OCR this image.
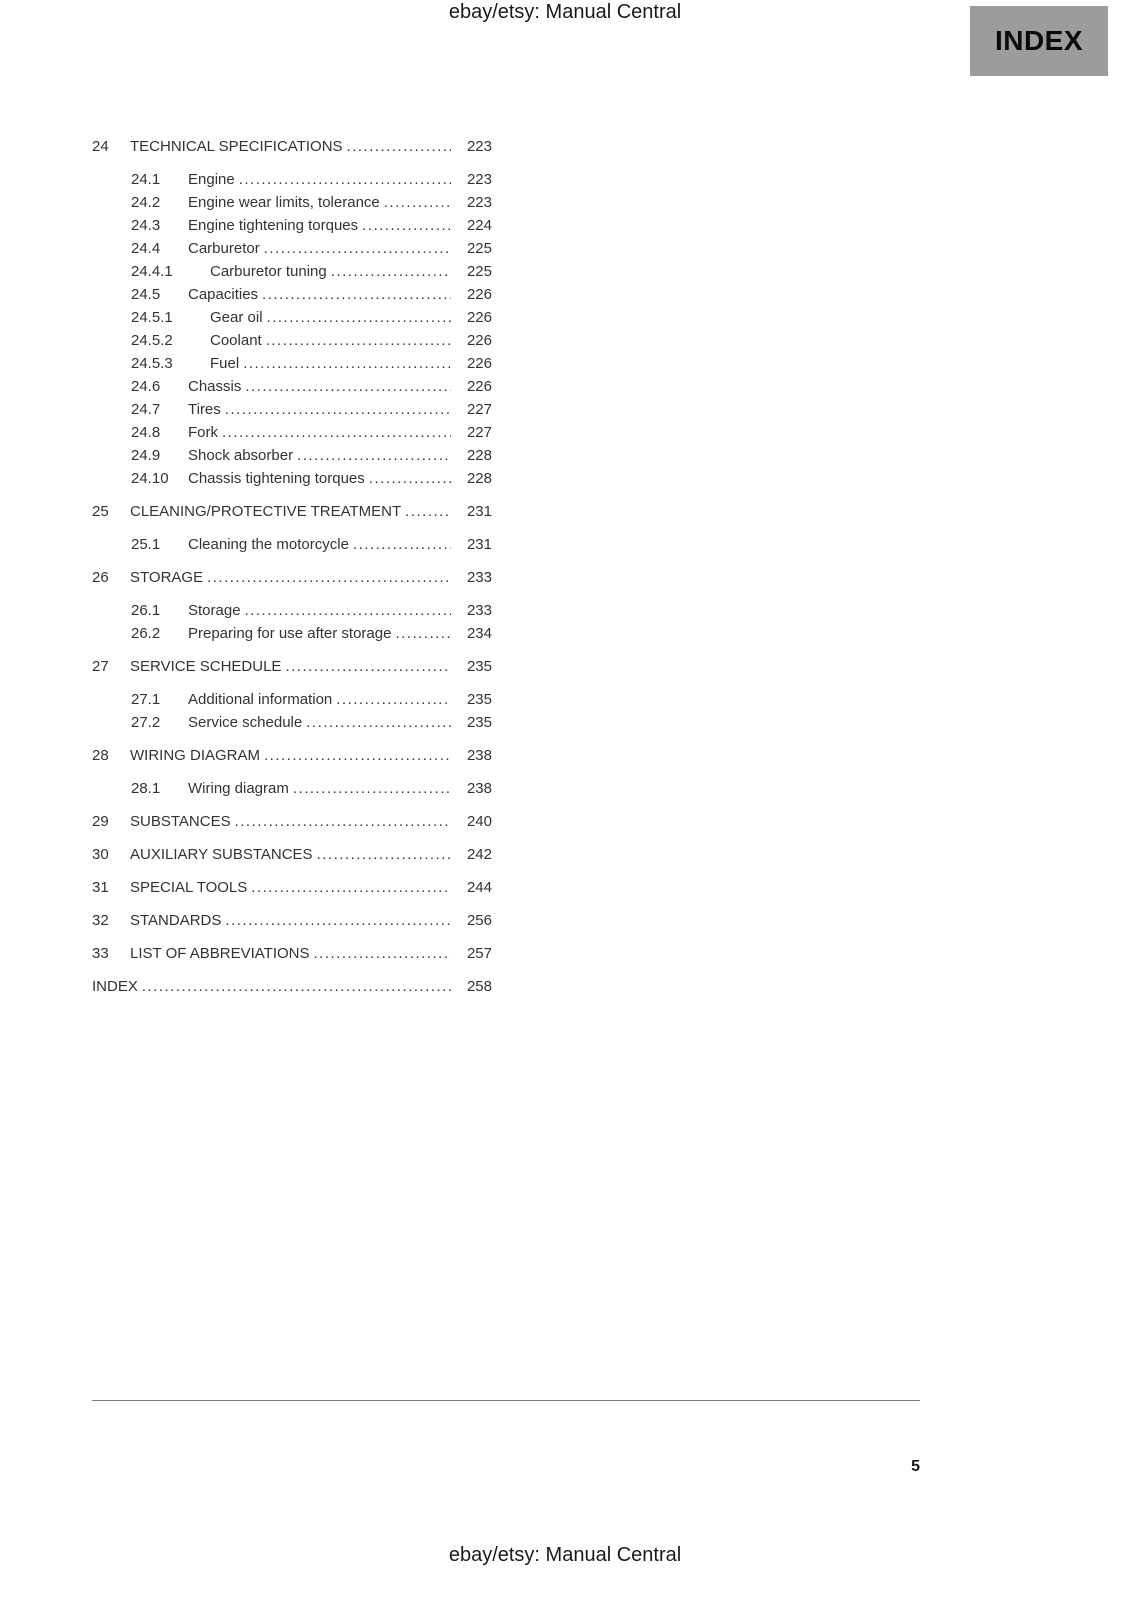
ebay/etsy: Manual Central
INDEX
24	TECHNICAL SPECIFICATIONS .....	223
24.1	Engine .....	223
24.2	Engine wear limits, tolerance .....	223
24.3	Engine tightening torques .....	224
24.4	Carburetor .....	225
24.4.1	Carburetor tuning .....	225
24.5	Capacities .....	226
24.5.1	Gear oil .....	226
24.5.2	Coolant .....	226
24.5.3	Fuel .....	226
24.6	Chassis .....	226
24.7	Tires .....	227
24.8	Fork .....	227
24.9	Shock absorber .....	228
24.10	Chassis tightening torques .....	228
25	CLEANING/PROTECTIVE TREATMENT .....	231
25.1	Cleaning the motorcycle .....	231
26	STORAGE .....	233
26.1	Storage .....	233
26.2	Preparing for use after storage .....	234
27	SERVICE SCHEDULE .....	235
27.1	Additional information .....	235
27.2	Service schedule .....	235
28	WIRING DIAGRAM .....	238
28.1	Wiring diagram .....	238
29	SUBSTANCES .....	240
30	AUXILIARY SUBSTANCES .....	242
31	SPECIAL TOOLS .....	244
32	STANDARDS .....	256
33	LIST OF ABBREVIATIONS .....	257
INDEX .....	258
5
ebay/etsy: Manual Central
